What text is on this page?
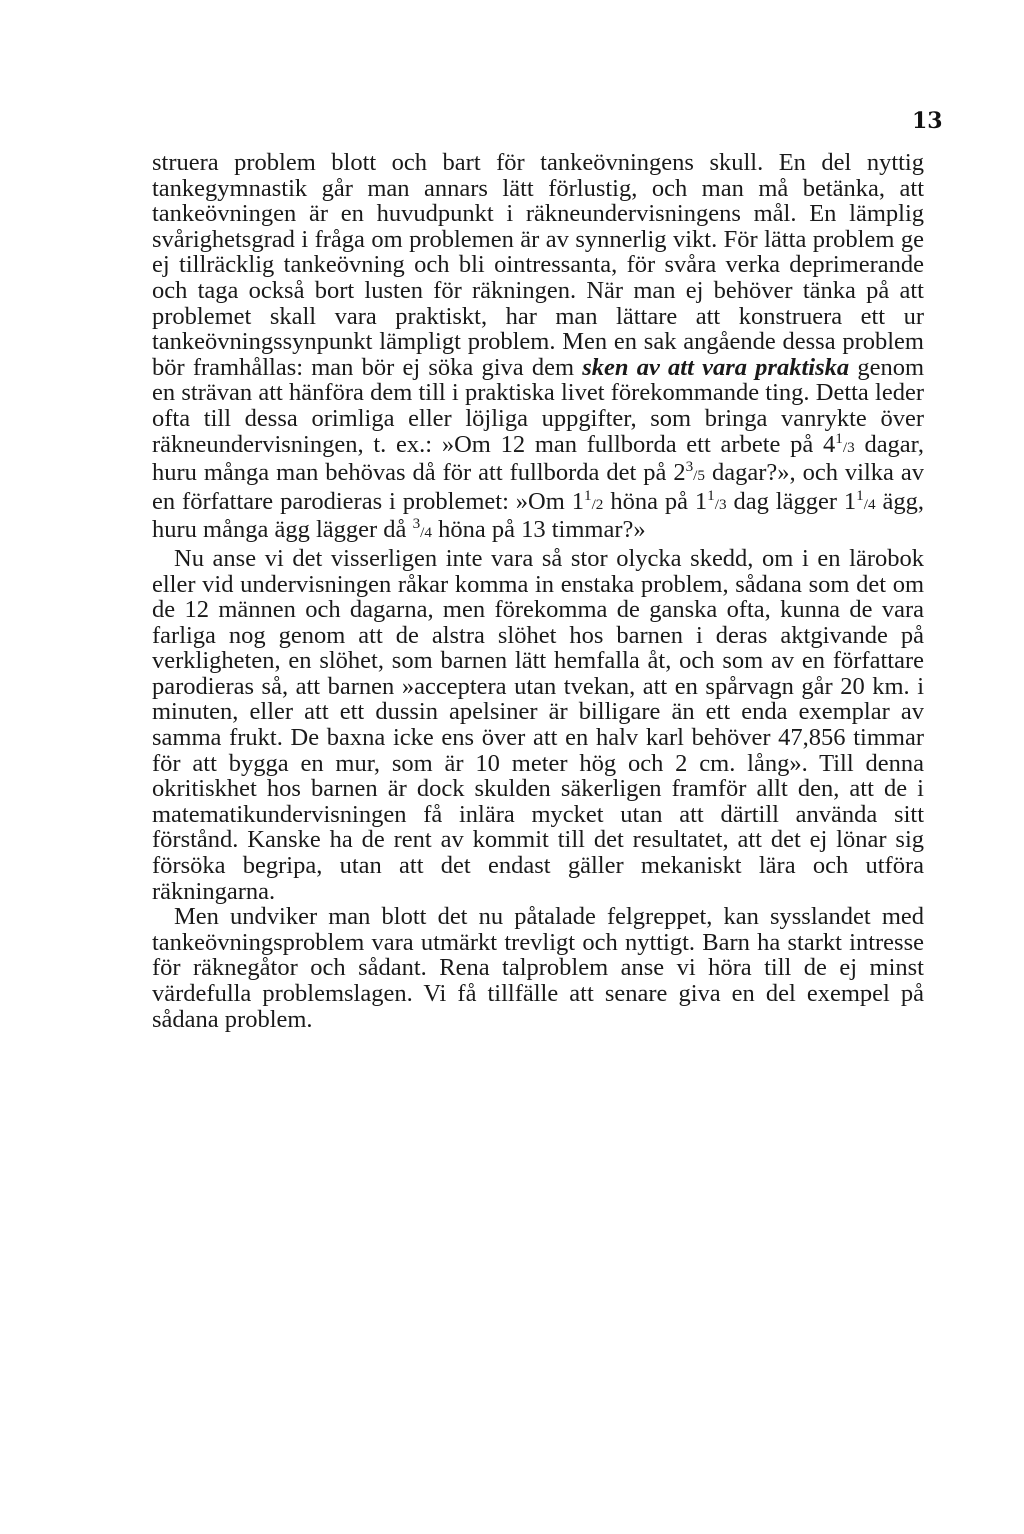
13

struera problem blott och bart för tankeövningens skull. En del nyttig tankegymnastik går man annars lätt förlustig, och man må betänka, att tankeövningen är en huvudpunkt i räkneundervisningens mål. En lämplig svårighetsgrad i fråga om problemen är av synnerlig vikt. För lätta problem ge ej tillräcklig tankeövning och bli ointressanta, för svåra verka deprimerande och taga också bort lusten för räkningen. När man ej behöver tänka på att problemet skall vara praktiskt, har man lättare att konstruera ett ur tankeövningssynpunkt lämpligt problem. Men en sak angående dessa problem bör framhållas: man bör ej söka giva dem sken av att vara praktiska genom en strävan att hänföra dem till i praktiska livet förekommande ting. Detta leder ofta till dessa orimliga eller löjliga uppgifter, som bringa vanrykte över räkneundervisningen, t. ex.: »Om 12 man fullborda ett arbete på $4^1/3$ dagar, huru många man behövas då för att fullborda det på $2^3/5$ dagar?», och vilka av en författare parodieras i problemet: »Om $1^1/2$ höna på $1^1/3$ dag lägger $1^1/4$ ägg, huru många ägg lägger då $^3$/4 höna på 13 timmar?»

Nu anse vi det visserligen inte vara så stor olycka skedd, om i en lärobok eller vid undervisningen råkar komma in enstaka problem, sådana som det om de 12 männen och dagarna, men förekomma de ganska ofta, kunna de vara farliga nog genom att de alstra slöhet hos barnen i deras aktgivande på verkligheten, en slöhet, som barnen lätt hemfalla åt, och som av en författare parodieras så, att barnen »acceptera utan tvekan, att en spårvagn går 20 km. i minuten, eller att ett dussin apelsiner är billigare än ett enda exemplar av samma frukt. De baxna icke ens över att en halv karl behöver 47,856 timmar för att bygga en mur, som är 10 meter hög och 2 cm. lång». Till denna okritiskhet hos barnen är dock skulden säkerligen framför allt den, att de i matematikundervisningen få inlära mycket utan att därtill använda sitt förstånd. Kanske ha de rent av kommit till det resultatet, att det ej lönar sig försöka begripa, utan att det endast gäller mekaniskt lära och utföra räkningarna.

Men undviker man blott det nu påtalade felgreppet, kan sysslandet med tankeövningsproblem vara utmärkt trevligt och nyttigt. Barn ha starkt intresse för räknegåtor och sådant. Rena talproblem anse vi höra till de ej minst värdefulla problemslagen. Vi få tillfälle att senare giva en del exempel på sådana problem.
